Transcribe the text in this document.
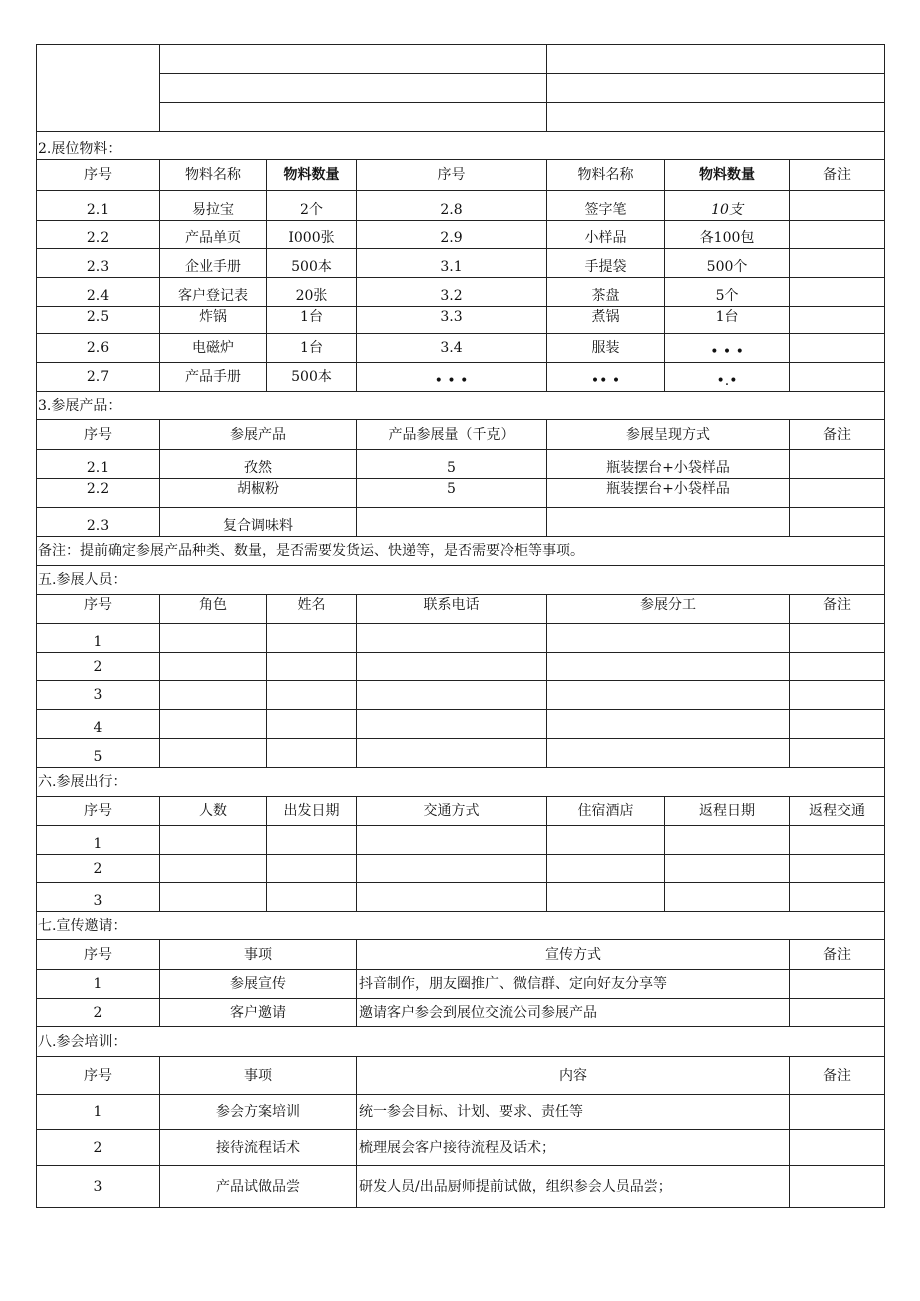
2.展位物料：						
序号	物料名称	物料数量	序号	物料名称	物料数量	备注
2.1	易拉宝	2个	2.8	签字笔	10支	
2.2	产品单页	I000张	2.9	小样品	各100包	
2.3	企业手册	500本	3.1	手提袋	500个	
2.4	客户登记表	20张	3.2	茶盘	5个	
2.5	炸锅	1台	3.3	煮锅	1台	
2.6	电磁炉	1台	3.4	服装	• • •	
2.7	产品手册	500本	• • •	•• •	•.•	
3.参展产品：						
序号	参展产品		产品参展量（千克）	参展呈现方式		备注
2.1	孜然		5	瓶装摆台+小袋样品		
2.2	胡椒粉		5	瓶装摆台+小袋样品		
2.3	复合调味料					
备注：提前确定参展产品种类、数量，是否需要发货运、快递等，是否需要冷柜等事项。						
五.参展人员：						
序号	角色	姓名	联系电话	参展分工		备注
1						
2						
3						
4						
5						
六.参展出行：						
序号	人数	出发日期	交通方式	住宿酒店	返程日期	返程交通
1						
2						
3						
七.宣传邀请：						
序号	事项		宣传方式			备注
1	参展宣传		抖音制作，朋友圈推广、微信群、定向好友分享等			
2	客户邀请		邀请客户参会到展位交流公司参展产品			
八.参会培训：						
序号	事项		内容			备注
1	参会方案培训		统一参会目标、计划、要求、责任等			
2	接待流程话术		梳理展会客户接待流程及话术；			
3	产品试做品尝		研发人员/出品厨师提前试做，组织参会人员品尝；			
